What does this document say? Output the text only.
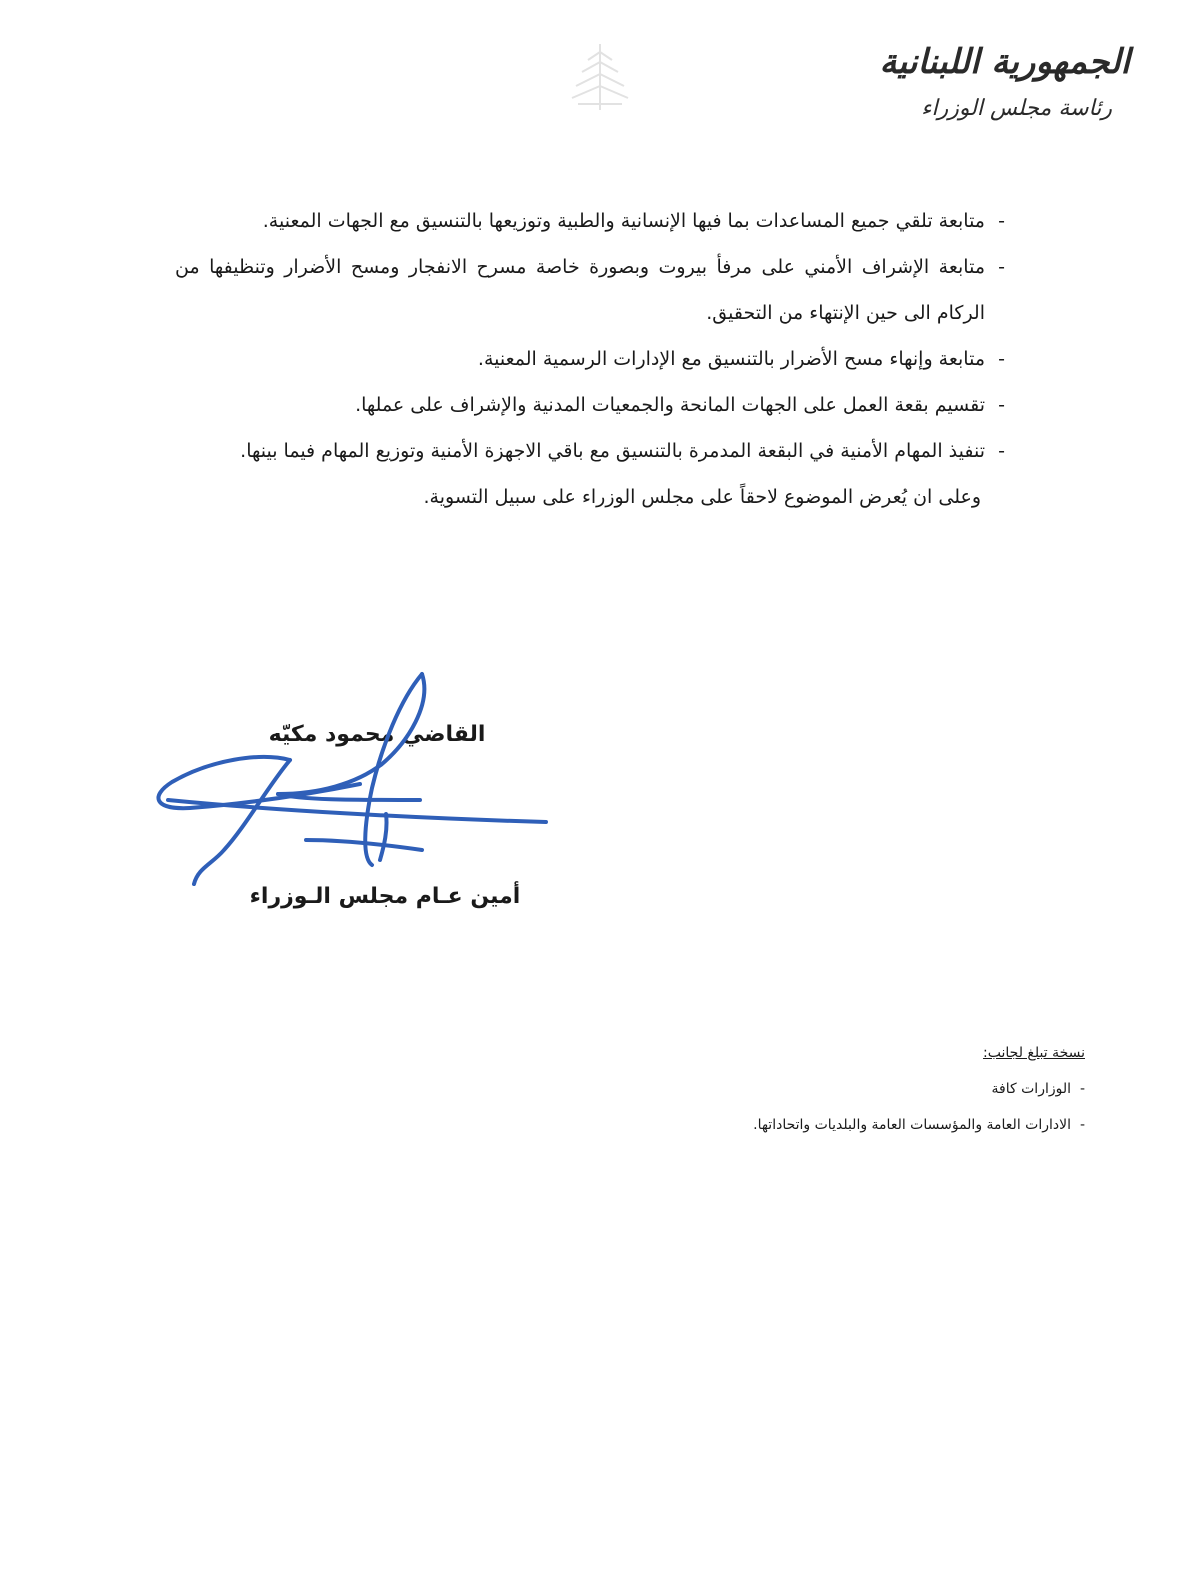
الجمهورية اللبنانية
رئاسة مجلس الوزراء
- متابعة تلقي جميع المساعدات بما فيها الإنسانية والطبية وتوزيعها بالتنسيق مع الجهات المعنية.
- متابعة الإشراف الأمني على مرفأ بيروت وبصورة خاصة مسرح الانفجار ومسح الأضرار وتنظيفها من الركام الى حين الإنتهاء من التحقيق.
- متابعة وإنهاء مسح الأضرار بالتنسيق مع الإدارات الرسمية المعنية.
- تقسيم بقعة العمل على الجهات المانحة والجمعيات المدنية والإشراف على عملها.
- تنفيذ المهام الأمنية في البقعة المدمرة بالتنسيق مع باقي الاجهزة الأمنية وتوزيع المهام فيما بينها.
وعلى ان يُعرض الموضوع لاحقاً على مجلس الوزراء على سبيل التسوية.
القاضي محمود مكيّه
أمين عـام مجلس الـوزراء
نسخة تبلغ لجانب:
- الوزارات كافة
- الادارات العامة والمؤسسات العامة والبلديات واتحاداتها.
